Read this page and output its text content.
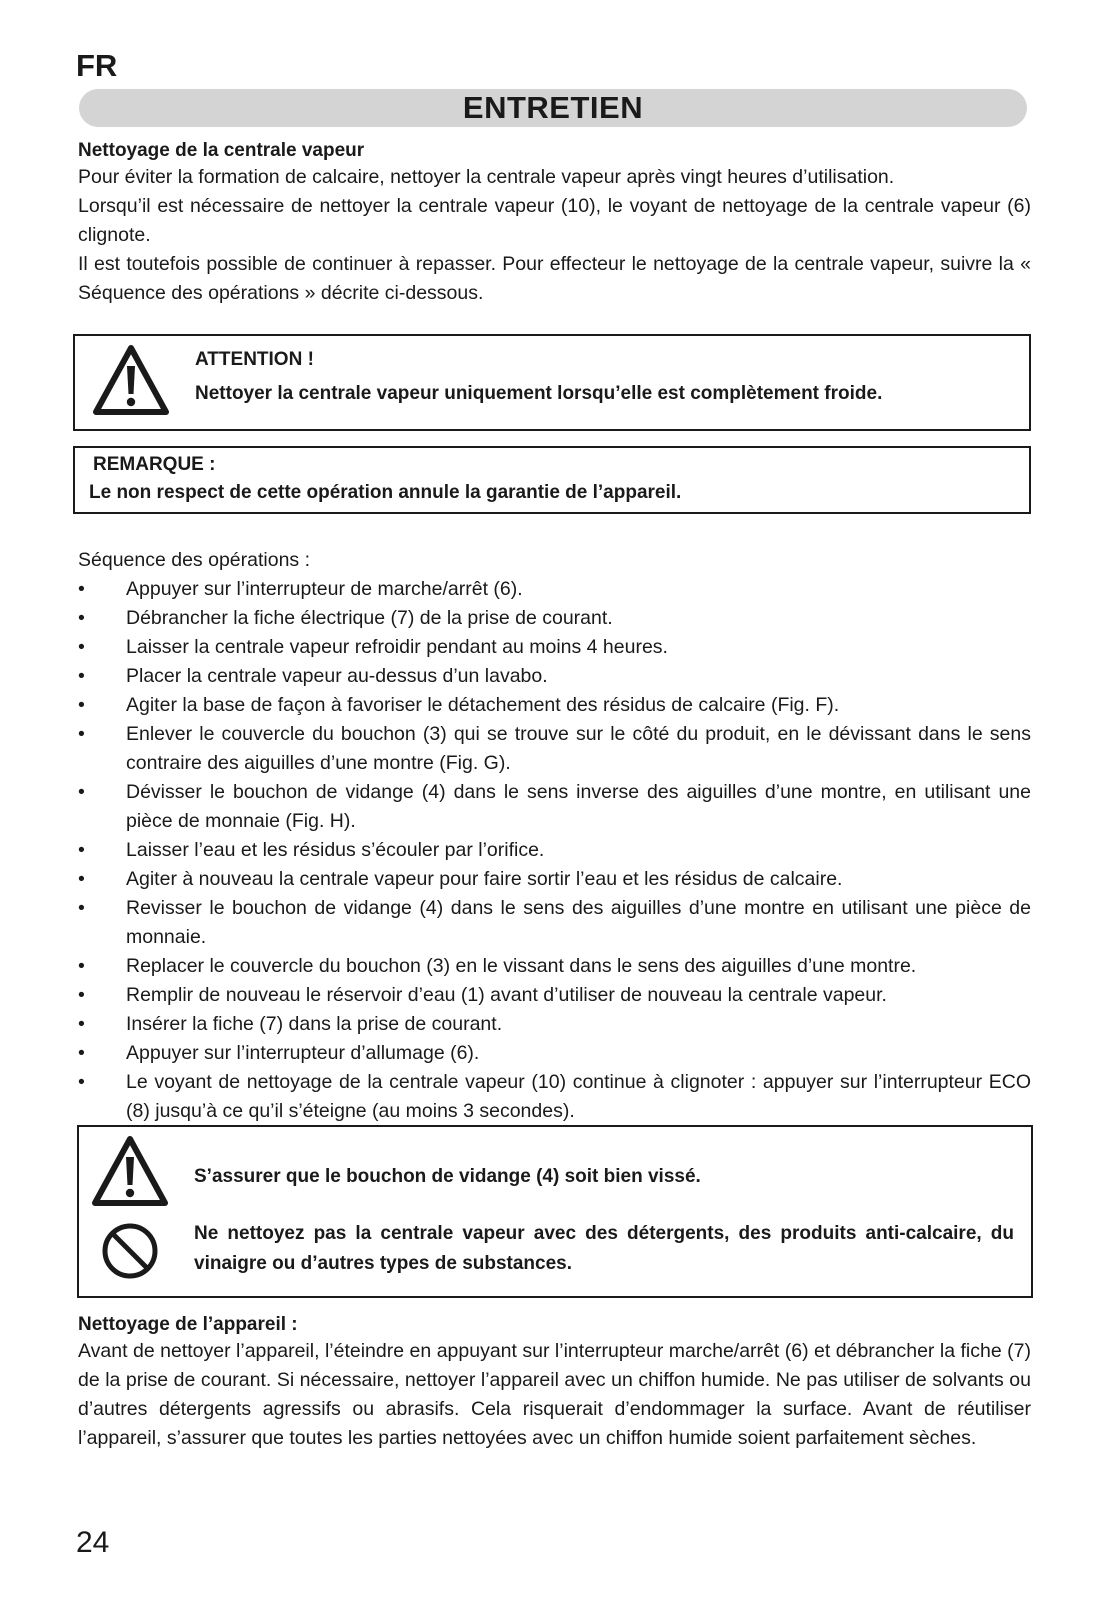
FR
ENTRETIEN
Nettoyage de la centrale vapeur
Pour éviter la formation de calcaire, nettoyer la centrale vapeur après vingt heures d’utilisation.
Lorsqu’il est nécessaire de nettoyer la centrale vapeur (10), le voyant de nettoyage de la centrale vapeur (6) clignote.
Il est toutefois possible de continuer à repasser. Pour effecteur le nettoyage de la centrale vapeur, suivre la « Séquence des opérations » décrite ci-dessous.
ATTENTION !
Nettoyer la centrale vapeur uniquement lorsqu’elle est complètement froide.
REMARQUE :
Le non respect de cette opération annule la garantie de l’appareil.
Séquence des opérations :
• Appuyer sur l’interrupteur de marche/arrêt (6).
• Débrancher la fiche électrique (7) de la prise de courant.
• Laisser la centrale vapeur refroidir pendant au moins 4 heures.
• Placer la centrale vapeur au-dessus d’un lavabo.
• Agiter la base de façon à favoriser le détachement des résidus de calcaire (Fig. F).
• Enlever le couvercle du bouchon (3) qui se trouve sur le côté du produit, en le dévissant dans le sens contraire des aiguilles d’une montre (Fig. G).
• Dévisser le bouchon de vidange (4) dans le sens inverse des aiguilles d’une montre, en utilisant une pièce de monnaie (Fig. H).
• Laisser l’eau et les résidus s’écouler par l’orifice.
• Agiter à nouveau la centrale vapeur pour faire sortir l’eau et les résidus de calcaire.
• Revisser le bouchon de vidange (4) dans le sens des aiguilles d’une montre en utilisant une pièce de monnaie.
• Replacer le couvercle du bouchon (3) en le vissant dans le sens des aiguilles d’une montre.
• Remplir de nouveau le réservoir d’eau (1) avant d’utiliser de nouveau la centrale vapeur.
• Insérer la fiche (7) dans la prise de courant.
• Appuyer sur l’interrupteur d’allumage (6).
• Le voyant de nettoyage de la centrale vapeur (10) continue à clignoter : appuyer sur l’interrupteur ECO (8) jusqu’à ce qu’il s’éteigne (au moins 3 secondes).
S’assurer que le bouchon de vidange (4) soit bien vissé.
Ne nettoyez pas la centrale vapeur avec des détergents, des produits anti-calcaire, du vinaigre ou d’autres types de substances.
Nettoyage de l’appareil :

Avant de nettoyer l’appareil, l’éteindre en appuyant sur l’interrupteur marche/arrêt (6) et débrancher la fiche (7) de la prise de courant. Si nécessaire, nettoyer l’appareil avec un chiffon humide. Ne pas utiliser de solvants ou d’autres détergents agressifs ou abrasifs. Cela risquerait d’endommager la surface. Avant de réutiliser l’appareil, s’assurer que toutes les parties nettoyées avec un chiffon humide soient parfaitement sèches.

24
